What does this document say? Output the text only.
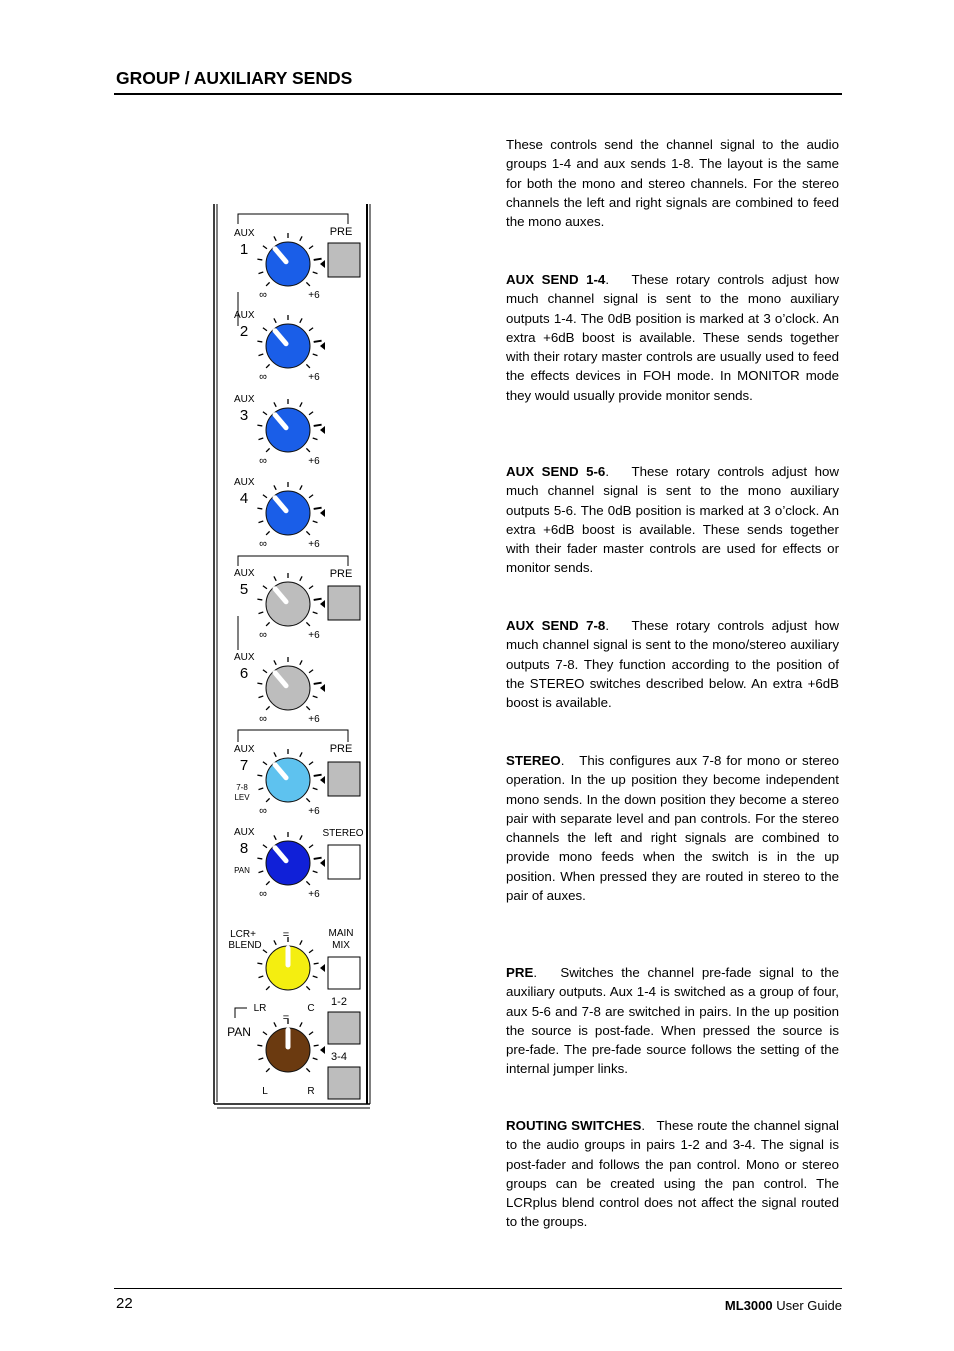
GROUP / AUXILIARY SENDS

These controls send the channel signal to the audio groups 1-4 and aux sends 1-8. The layout is the same for both the mono and stereo channels. For the stereo channels the left and right signals are combined to feed the mono auxes.

AUX SEND 1-4.   These rotary controls adjust how much channel signal is sent to the mono auxiliary outputs 1-4. The 0dB position is marked at 3 o’clock. An extra +6dB boost is available. These sends together with their rotary master controls are usually used to feed the effects devices in FOH mode. In MONITOR mode they would usually provide monitor sends.

AUX SEND 5-6.   These rotary controls adjust how much channel signal is sent to the mono auxiliary outputs 5-6. The 0dB position is marked at 3 o’clock. An extra +6dB boost is available. These sends together with their fader master controls are used for effects or monitor sends.

AUX SEND 7-8.   These rotary controls adjust how much channel signal is sent to the mono/stereo auxiliary outputs 7-8. They function according to the position of the STEREO switches described below. An extra +6dB boost is available.

STEREO.   This configures aux 7-8 for mono or stereo operation. In the up position they become independent mono sends. In the down position they become a stereo pair with separate level and pan controls. For the stereo channels the left and right signals are combined to provide mono feeds when the switch is in the up position. When pressed they are routed in stereo to the pair of auxes.

PRE.   Switches the channel pre-fade signal to the auxiliary outputs. Aux 1-4 is switched as a group of four, aux 5-6 and 7-8 are switched in pairs. In the up position the source is post-fade. When pressed the source is pre-fade. The pre-fade source follows the setting of the internal jumper links.

ROUTING SWITCHES.   These route the channel signal to the audio groups in pairs 1-2 and 3-4. The signal is post-fader and follows the pan control. Mono or stereo groups can be created using the pan control. The LCRplus blend control does not affect the signal routed to the groups.

AUX
1
∞	+6
AUX
2
∞	+6
AUX
3
∞	+6
AUX
4
∞	+6
AUX
5
∞	+6
AUX
6
∞	+6
AUX
7
∞	+6
7-8
LEV
AUX
8
∞	+6
PAN
PRE
PRE
PRE
STEREO
MAIN
MIX
1-2
3-4
LCR+
BLEND
=
LR	C
PAN
=
L	R
22	ML3000 User Guide
